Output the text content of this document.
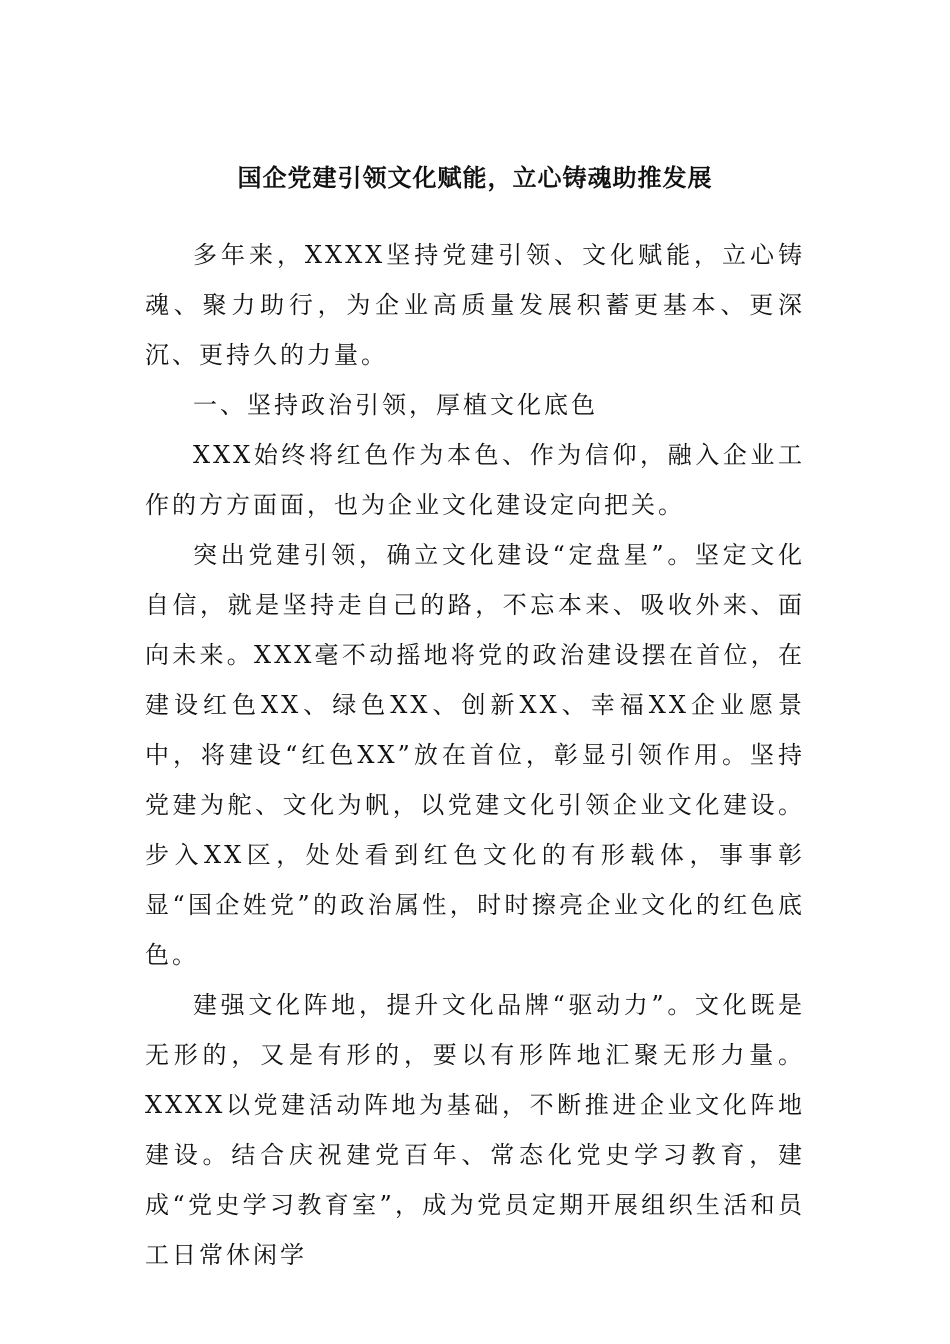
国企党建引领文化赋能，立心铸魂助推发展

多年来，XXXX坚持党建引领、文化赋能，立心铸魂、聚力助行，为企业高质量发展积蓄更基本、更深沉、更持久的力量。

一、坚持政治引领，厚植文化底色

XXX始终将红色作为本色、作为信仰，融入企业工作的方方面面，也为企业文化建设定向把关。

突出党建引领，确立文化建设“定盘星”。坚定文化自信，就是坚持走自己的路，不忘本来、吸收外来、面向未来。XXX毫不动摇地将党的政治建设摆在首位，在建设红色XX、绿色XX、创新XX、幸福XX企业愿景中，将建设“红色XX”放在首位，彰显引领作用。坚持党建为舵、文化为帆，以党建文化引领企业文化建设。步入XX区，处处看到红色文化的有形载体，事事彰显“国企姓党”的政治属性，时时擦亮企业文化的红色底色。

建强文化阵地，提升文化品牌“驱动力”。文化既是无形的，又是有形的，要以有形阵地汇聚无形力量。XXXX以党建活动阵地为基础，不断推进企业文化阵地建设。结合庆祝建党百年、常态化党史学习教育，建成“党史学习教育室”，成为党员定期开展组织生活和员工日常休闲学
